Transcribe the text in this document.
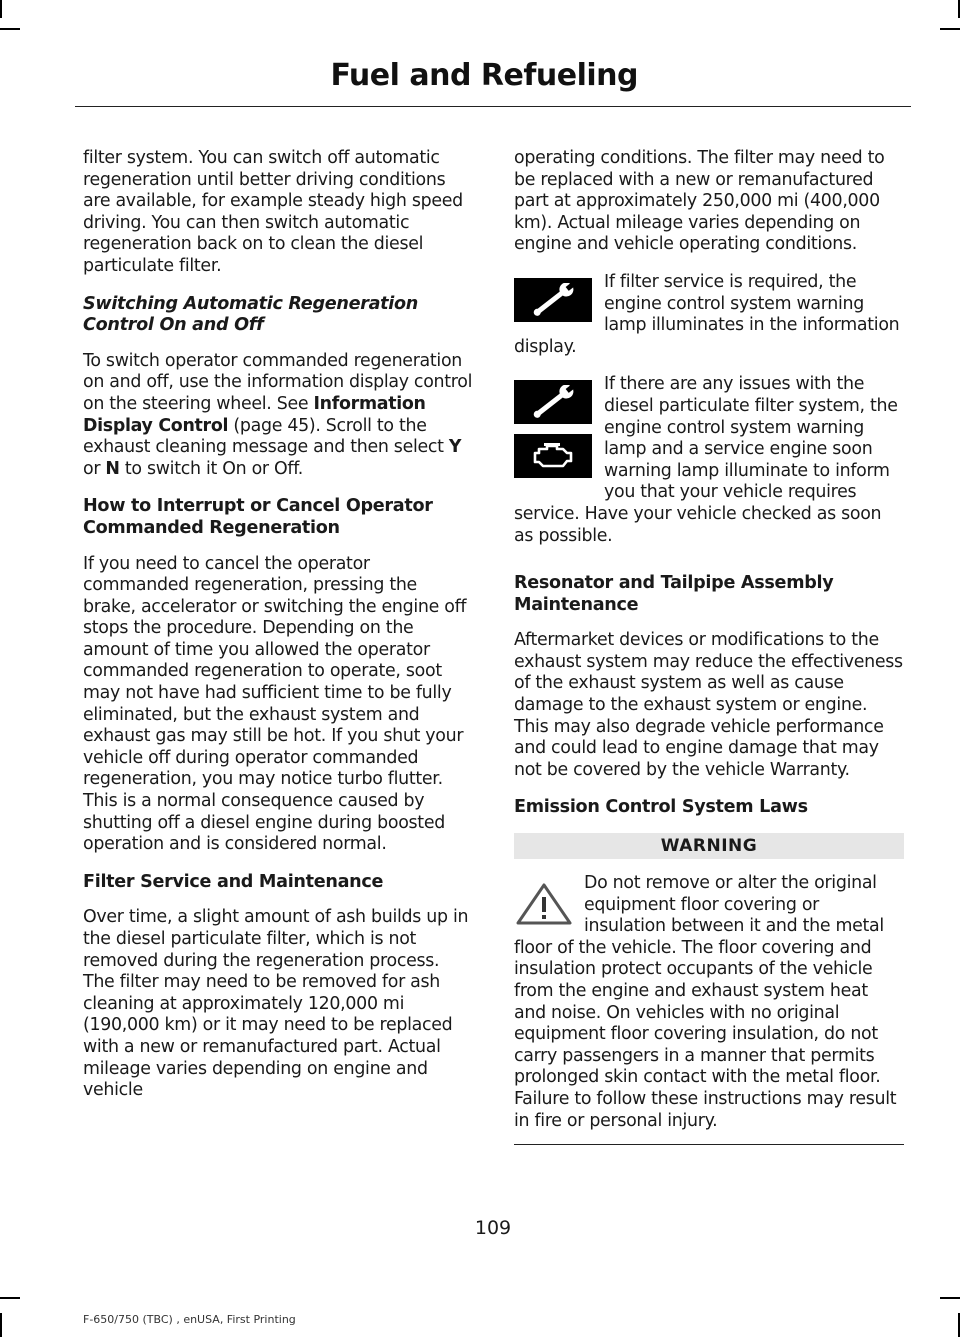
Fuel and Refueling

filter system. You can switch off automatic regeneration until better driving conditions are available, for example steady high speed driving. You can then switch automatic regeneration back on to clean the diesel particulate filter.

Switching Automatic Regeneration Control On and Off

To switch operator commanded regeneration on and off, use the information display control on the steering wheel. See Information Display Control (page 45). Scroll to the exhaust cleaning message and then select Y or N to switch it On or Off.

How to Interrupt or Cancel Operator Commanded Regeneration

If you need to cancel the operator commanded regeneration, pressing the brake, accelerator or switching the engine off stops the procedure. Depending on the amount of time you allowed the operator commanded regeneration to operate, soot may not have had sufficient time to be fully eliminated, but the exhaust system and exhaust gas may still be hot. If you shut your vehicle off during operator commanded regeneration, you may notice turbo flutter. This is a normal consequence caused by shutting off a diesel engine during boosted operation and is considered normal.

Filter Service and Maintenance

Over time, a slight amount of ash builds up in the diesel particulate filter, which is not removed during the regeneration process. The filter may need to be removed for ash cleaning at approximately 120,000 mi (190,000 km) or it may need to be replaced with a new or remanufactured part. Actual mileage varies depending on engine and vehicle

operating conditions. The filter may need to be replaced with a new or remanufactured part at approximately 250,000 mi (400,000 km). Actual mileage varies depending on engine and vehicle operating conditions.

If filter service is required, the engine control system warning lamp illuminates in the information display.

If there are any issues with the diesel particulate filter system, the engine control system warning lamp and a service engine soon warning lamp illuminate to inform you that your vehicle requires service. Have your vehicle checked as soon as possible.

Resonator and Tailpipe Assembly Maintenance

Aftermarket devices or modifications to the exhaust system may reduce the effectiveness of the exhaust system as well as cause damage to the exhaust system or engine. This may also degrade vehicle performance and could lead to engine damage that may not be covered by the vehicle Warranty.

Emission Control System Laws
WARNING

Do not remove or alter the original equipment floor covering or insulation between it and the metal floor of the vehicle. The floor covering and insulation protect occupants of the vehicle from the engine and exhaust system heat and noise. On vehicles with no original equipment floor covering insulation, do not carry passengers in a manner that permits prolonged skin contact with the metal floor. Failure to follow these instructions may result in fire or personal injury.

109
F-650/750 (TBC) , enUSA, First Printing
